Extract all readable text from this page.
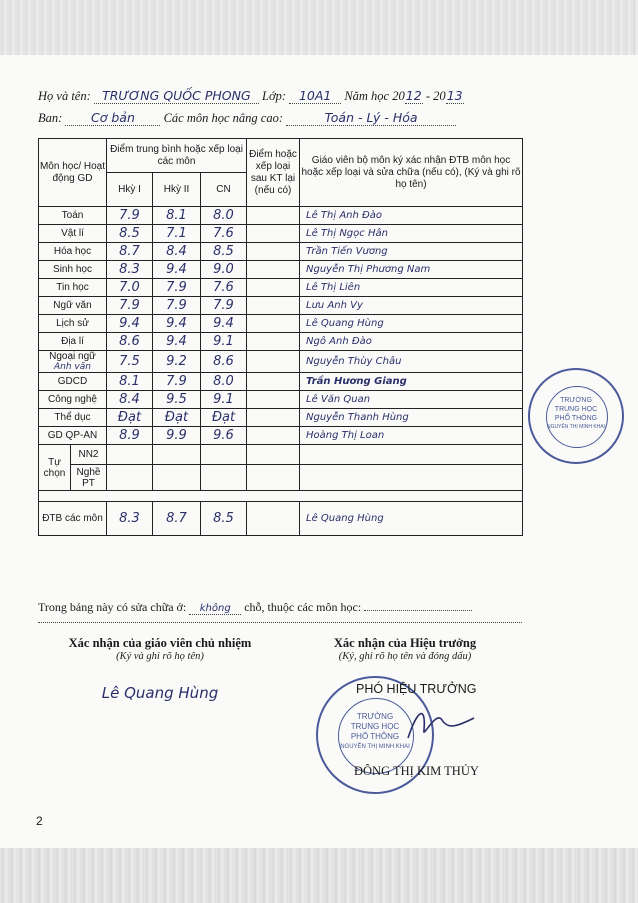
Họ và tên: TRƯƠNG QUỐC PHONG Lớp: 10A1 Năm học 2012 - 2013
Ban: Cơ bản Các môn học nâng cao:	Toán - Lý - Hóa
Môn học/ Hoạt động GD		Điểm trung bình hoặc xếp loại các môn			Điểm hoặc xếp loại sau KT lại (nếu có)	Giáo viên bộ môn ký xác nhận ĐTB môn học hoặc xếp loại và sửa chữa (nếu có), (Ký và ghi rõ họ tên)
		Hkỳ I	Hkỳ II	CN		
Toán		7.9	8.1	8.0		Lê Thị Anh Đào
Vật lí		8.5	7.1	7.6		Lê Thị Ngọc Hân
Hóa học		8.7	8.4	8.5		Trần Tiến Vương
Sinh học		8.3	9.4	9.0		Nguyễn Thị Phương Nam
Tin học		7.0	7.9	7.6		Lê Thị Liên
Ngữ văn		7.9	7.9	7.9		Lưu Anh Vy
Lịch sử		9.4	9.4	9.4		Lê Quang Hùng
Địa lí		8.6	9.4	9.1		Ngô Anh Đào
Ngoại ngữ
Anh văn		7.5	9.2	8.6		Nguyễn Thùy Châu
GDCD		8.1	7.9	8.0		Trần Hương Giang
Công nghệ		8.4	9.5	9.1		Lê Văn Quan
Thể dục		Đạt	Đạt	Đạt		Nguyễn Thanh Hùng
GD QP-AN		8.9	9.9	9.6		Hoàng Thị Loan
Tự chọn	NN2					
	Nghề PT					

ĐTB các môn		8.3	8.7	8.5		Lê Quang Hùng
TRƯỜNG
TRUNG HỌC
PHỔ THÔNG
NGUYỄN THỊ MINH KHAI
Trong bảng này có sửa chữa ở: không chỗ, thuộc các môn học:
Xác nhận của giáo viên chủ nhiệm
(Ký và ghi rõ họ tên)
Lê Quang Hùng
Xác nhận của Hiệu trưởng
(Ký, ghi rõ họ tên và đóng dấu)
TRƯỜNG
TRUNG HỌC
PHỔ THÔNG
NGUYỄN THỊ MINH KHAI
PHÓ HIỆU TRƯỞNG
ĐÔNG THỊ KIM THỦY
2
